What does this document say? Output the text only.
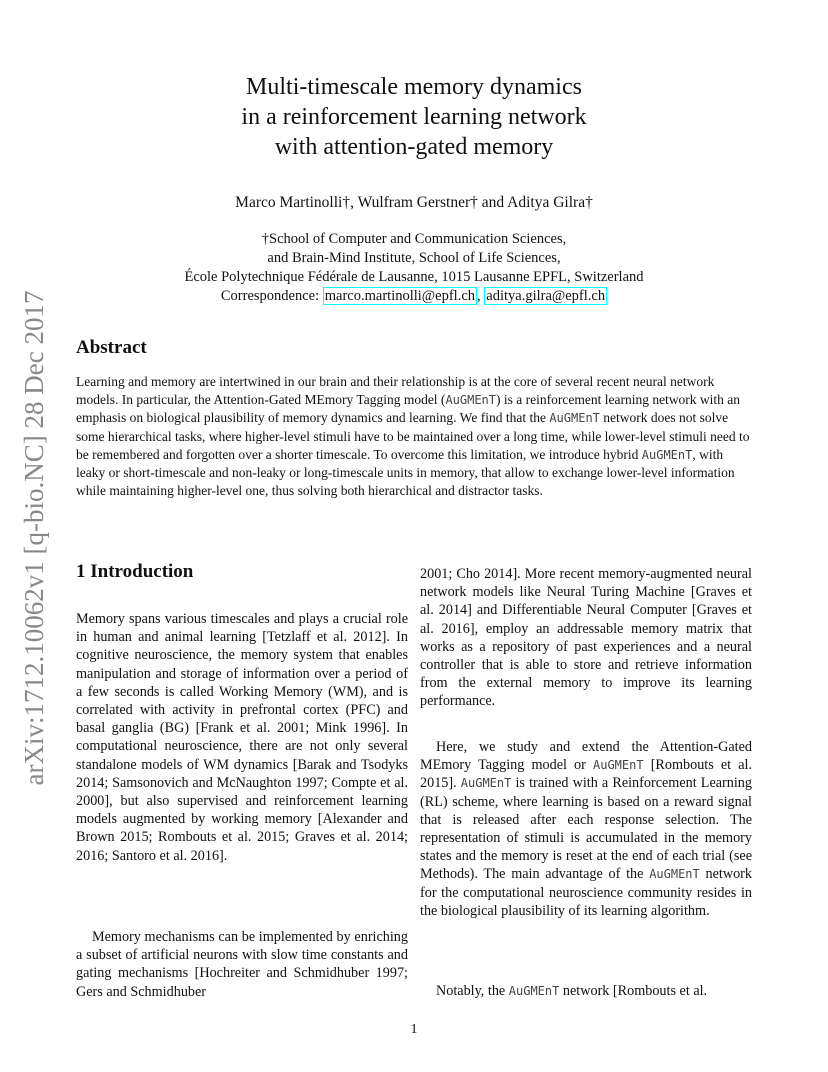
arXiv:1712.10062v1 [q-bio.NC] 28 Dec 2017
Multi-timescale memory dynamics
in a reinforcement learning network
with attention-gated memory
Marco Martinolli†, Wulfram Gerstner† and Aditya Gilra†
†School of Computer and Communication Sciences,
and Brain-Mind Institute, School of Life Sciences,
École Polytechnique Fédérale de Lausanne, 1015 Lausanne EPFL, Switzerland
Correspondence: marco.martinolli@epfl.ch , aditya.gilra@epfl.ch
Abstract
Learning and memory are intertwined in our brain and their relationship is at the core of several recent neural network models. In particular, the Attention-Gated MEmory Tagging model (AuGMEnT) is a reinforcement learning network with an emphasis on biological plausibility of memory dynamics and learning. We find that the AuGMEnT network does not solve some hierarchical tasks, where higher-level stimuli have to be maintained over a long time, while lower-level stimuli need to be remembered and forgotten over a shorter timescale. To overcome this limitation, we introduce hybrid AuGMEnT, with leaky or short-timescale and non-leaky or long-timescale units in memory, that allow to exchange lower-level information while maintaining higher-level one, thus solving both hierarchical and distractor tasks.
1 Introduction
Memory spans various timescales and plays a crucial role in human and animal learning [Tetzlaff et al. 2012]. In cognitive neuroscience, the memory system that enables manipulation and storage of information over a period of a few seconds is called Working Memory (WM), and is correlated with activity in prefrontal cortex (PFC) and basal ganglia (BG) [Frank et al. 2001; Mink 1996]. In computational neuroscience, there are not only several standalone models of WM dynamics [Barak and Tsodyks 2014; Samsonovich and McNaughton 1997; Compte et al. 2000], but also supervised and reinforcement learning models augmented by working memory [Alexander and Brown 2015; Rombouts et al. 2015; Graves et al. 2014; 2016; Santoro et al. 2016].
Memory mechanisms can be implemented by enriching a subset of artificial neurons with slow time constants and gating mechanisms [Hochreiter and Schmidhuber 1997; Gers and Schmidhuber
2001; Cho 2014]. More recent memory-augmented neural network models like Neural Turing Machine [Graves et al. 2014] and Differentiable Neural Computer [Graves et al. 2016], employ an addressable memory matrix that works as a repository of past experiences and a neural controller that is able to store and retrieve information from the external memory to improve its learning performance.
Here, we study and extend the Attention-Gated MEmory Tagging model or AuGMEnT [Rombouts et al. 2015]. AuGMEnT is trained with a Reinforcement Learning (RL) scheme, where learning is based on a reward signal that is released after each response selection. The representation of stimuli is accumulated in the memory states and the memory is reset at the end of each trial (see Methods). The main advantage of the AuGMEnT network for the computational neuroscience community resides in the biological plausibility of its learning algorithm.
Notably, the AuGMEnT network [Rombouts et al.
1
